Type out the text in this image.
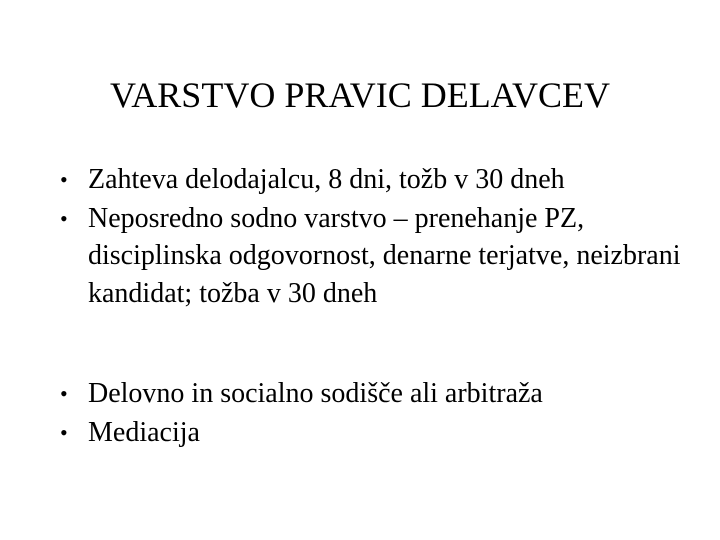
VARSTVO PRAVIC DELAVCEV
• Zahteva delodajalcu, 8 dni, tožb v 30 dneh
• Neposredno sodno varstvo – prenehanje PZ, disciplinska odgovornost, denarne terjatve, neizbrani kandidat; tožba v 30 dneh
• Delovno in socialno sodišče ali arbitraža
• Mediacija
